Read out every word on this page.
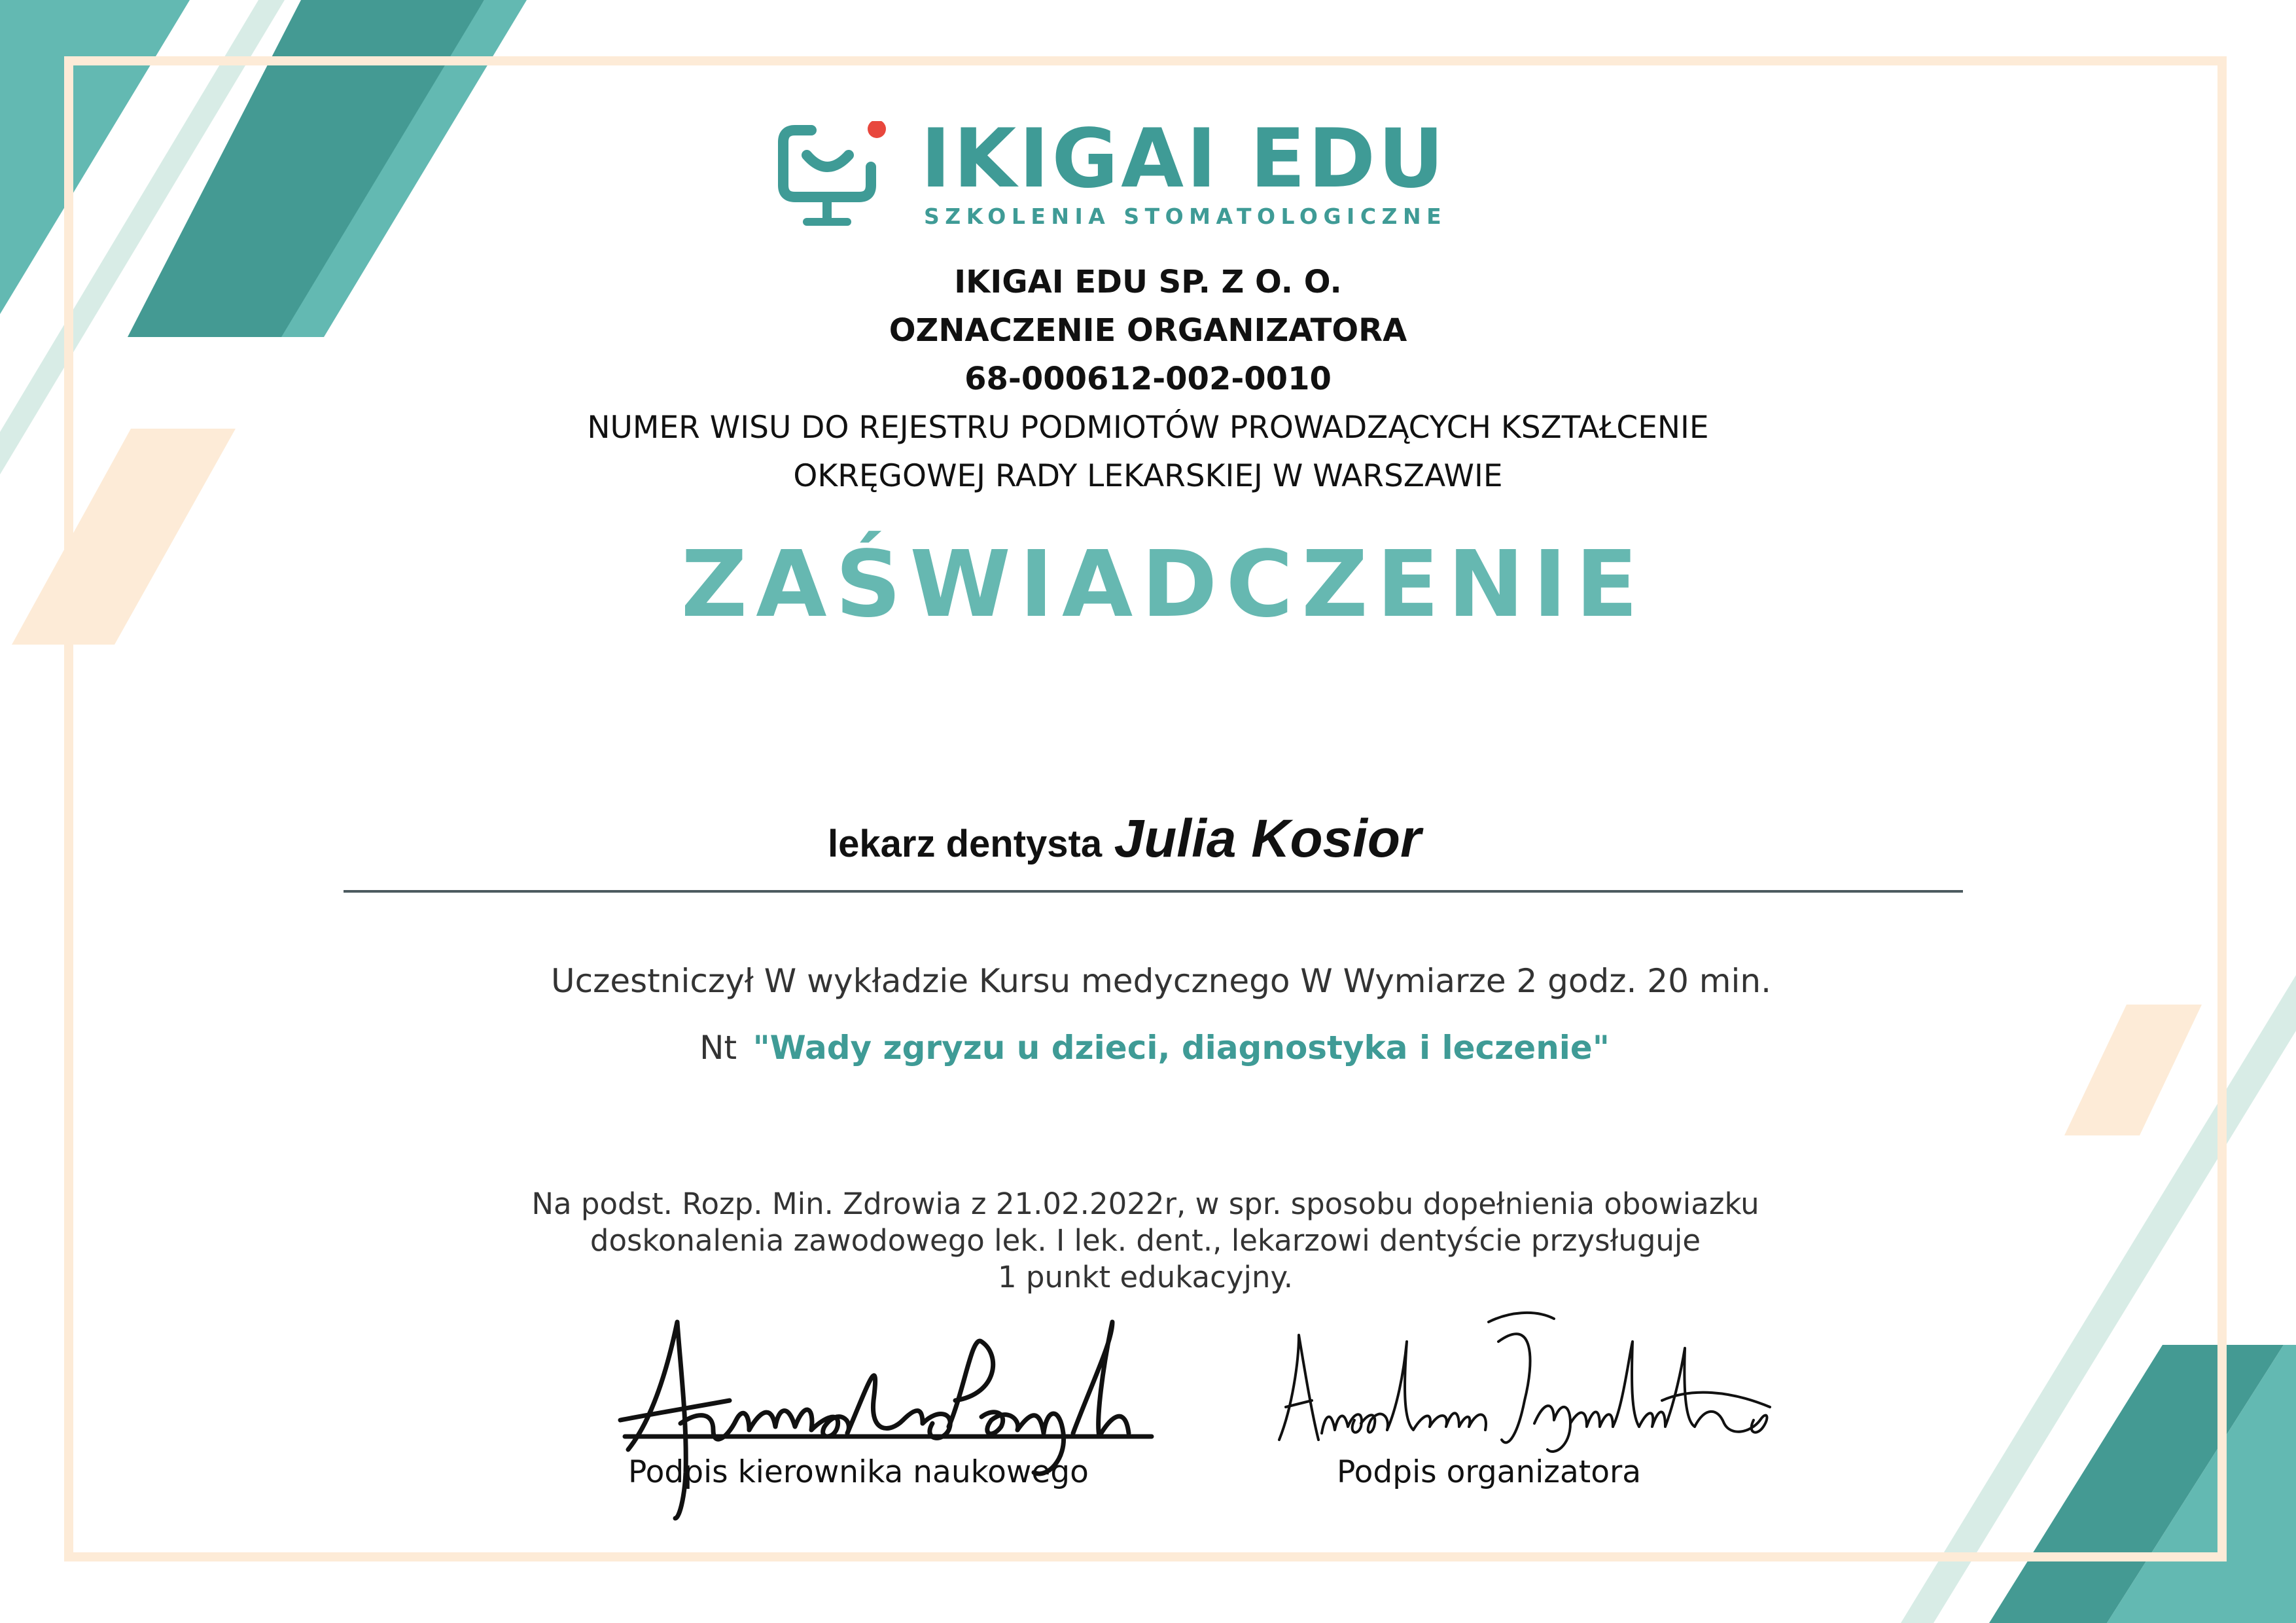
IKIGAI EDU
SZKOLENIA STOMATOLOGICZNE
IKIGAI EDU SP. Z O. O.
OZNACZENIE ORGANIZATORA
68-000612-002-0010
NUMER WISU DO REJESTRU PODMIOTÓW PROWADZĄCYCH KSZTAŁCENIE
OKRĘGOWEJ RADY LEKARSKIEJ W WARSZAWIE
ZAŚWIADCZENIE
lekarz dentysta Julia Kosior
Uczestniczył W wykładzie Kursu medycznego W Wymiarze 2 godz. 20 min.
Nt "Wady zgryzu u dzieci, diagnostyka i leczenie"
Na podst. Rozp. Min. Zdrowia z 21.02.2022r, w spr. sposobu dopełnienia obowiazku
doskonalenia zawodowego lek. I lek. dent., lekarzowi dentyście przysługuje
1 punkt edukacyjny.
Podpis kierownika naukowego	Podpis organizatora
